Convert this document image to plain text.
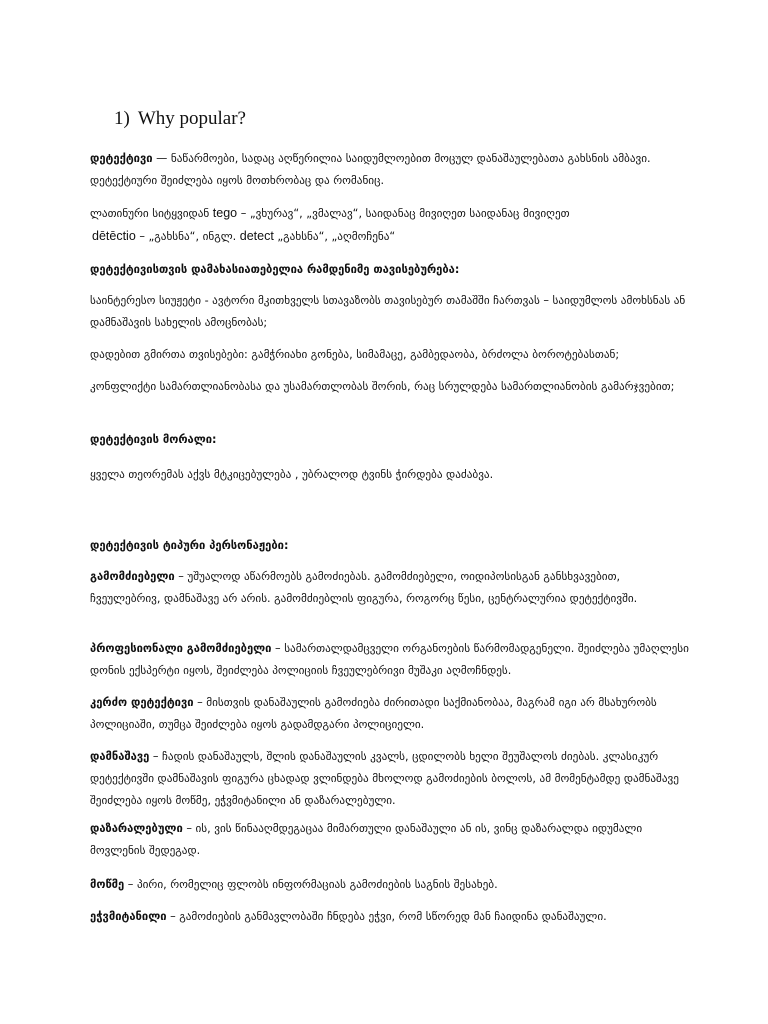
1) Why popular?

დეტექტივი — ნაწარმოები, სადაც აღწერილია საიდუმლოებით მოცულ დანაშაულებათა გახსნის ამბავი. დეტექტიური შეიძლება იყოს მოთხრობაც და რომანიც.

ლათინური სიტყვიდან tego – „ვხურავ“, „ვმალავ“, საიდანაც მივიღეთ საიდანაც მივიღეთ
dētēctio – „გახსნა“, ინგლ. detect „გახსნა“, „აღმოჩენა“

დეტექტივისთვის დამახასიათებელია რამდენიმე თავისებურება:

საინტერესო სიუჟეტი - ავტორი მკითხველს სთავაზობს თავისებურ თამაშში ჩართვას – საიდუმლოს ამოხსნას ან დამნაშავის სახელის ამოცნობას;

დადებით გმირთა თვისებები: გამჭრიახი გონება, სიმამაცე, გამბედაობა, ბრძოლა ბოროტებასთან;

კონფლიქტი სამართლიანობასა და უსამართლობას შორის, რაც სრულდება სამართლიანობის გამარჯვებით;

დეტექტივის მორალი:

ყველა თეორემას აქვს მტკიცებულება , უბრალოდ ტვინს ჭირდება დაძაბვა.

დეტექტივის ტიპური პერსონაჟები:

გამომძიებელი – უშუალოდ აწარმოებს გამოძიებას. გამომძიებელი, ოიდიპოსისგან განსხვავებით, ჩვეულებრივ, დამნაშავე არ არის. გამომძიებლის ფიგურა, როგორც წესი, ცენტრალურია დეტექტივში.

პროფესიონალი გამომძიებელი – სამართალდამცველი ორგანოების წარმომადგენელი. შეიძლება უმაღლესი დონის ექსპერტი იყოს, შეიძლება პოლიციის ჩვეულებრივი მუშაკი აღმოჩნდეს.

კერძო დეტექტივი – მისთვის დანაშაულის გამოძიება ძირითადი საქმიანობაა, მაგრამ იგი არ მსახურობს პოლიციაში, თუმცა შეიძლება იყოს გადამდგარი პოლიციელი.

დამნაშავე – ჩადის დანაშაულს, შლის დანაშაულის კვალს, ცდილობს ხელი შეუშალოს ძიებას. კლასიკურ დეტექტივში დამნაშავის ფიგურა ცხადად ვლინდება მხოლოდ გამოძიების ბოლოს, ამ მომენტამდე დამნაშავე შეიძლება იყოს მოწმე, ეჭვმიტანილი ან დაზარალებული.

დაზარალებული – ის, ვის წინააღმდეგაცაა მიმართული დანაშაული ან ის, ვინც დაზარალდა იდუმალი მოვლენის შედეგად.

მოწმე – პირი, რომელიც ფლობს ინფორმაციას გამოძიების საგნის შესახებ.

ეჭვმიტანილი – გამოძიების განმავლობაში ჩნდება ეჭვი, რომ სწორედ მან ჩაიდინა დანაშაული.
